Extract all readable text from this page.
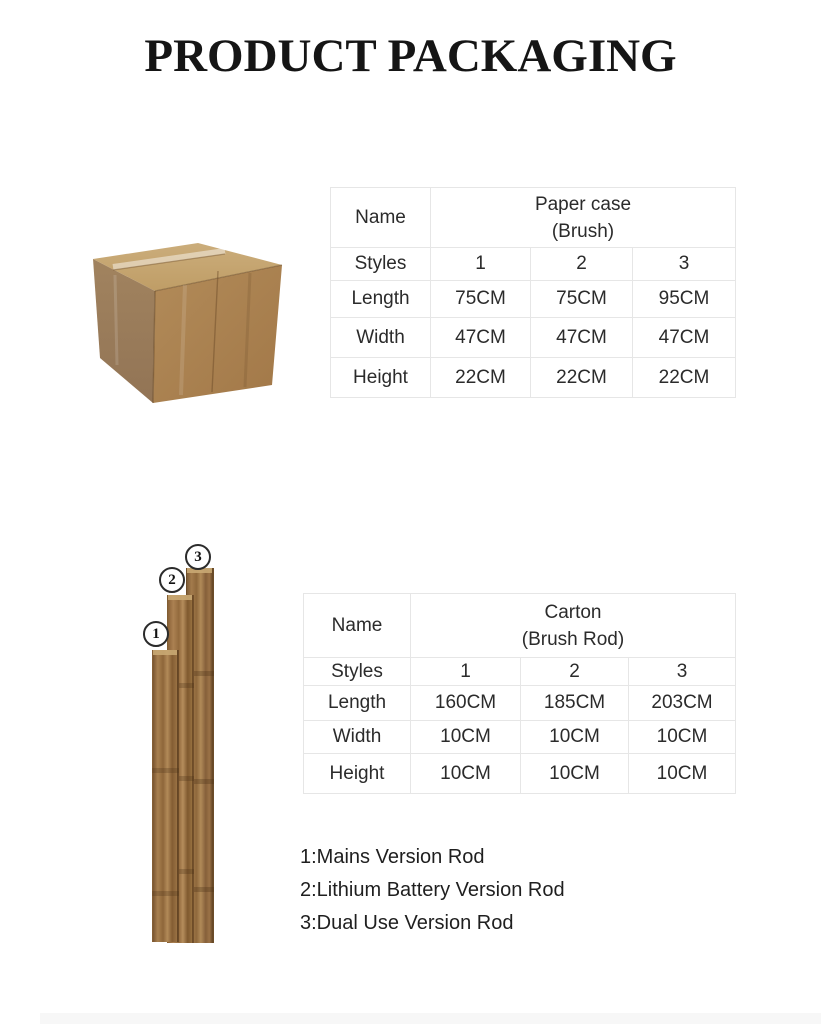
PRODUCT PACKAGING
Name
Paper case
(Brush)
Styles	1	2	3
Length	75CM	75CM	95CM
Width	47CM	47CM	47CM
Height	22CM	22CM	22CM
1
2
3
Name
Carton
(Brush Rod)
Styles	1	2	3
Length	160CM	185CM	203CM
Width	10CM	10CM	10CM
Height	10CM	10CM	10CM
1:Mains Version Rod
2:Lithium Battery Version Rod
3:Dual Use Version Rod
